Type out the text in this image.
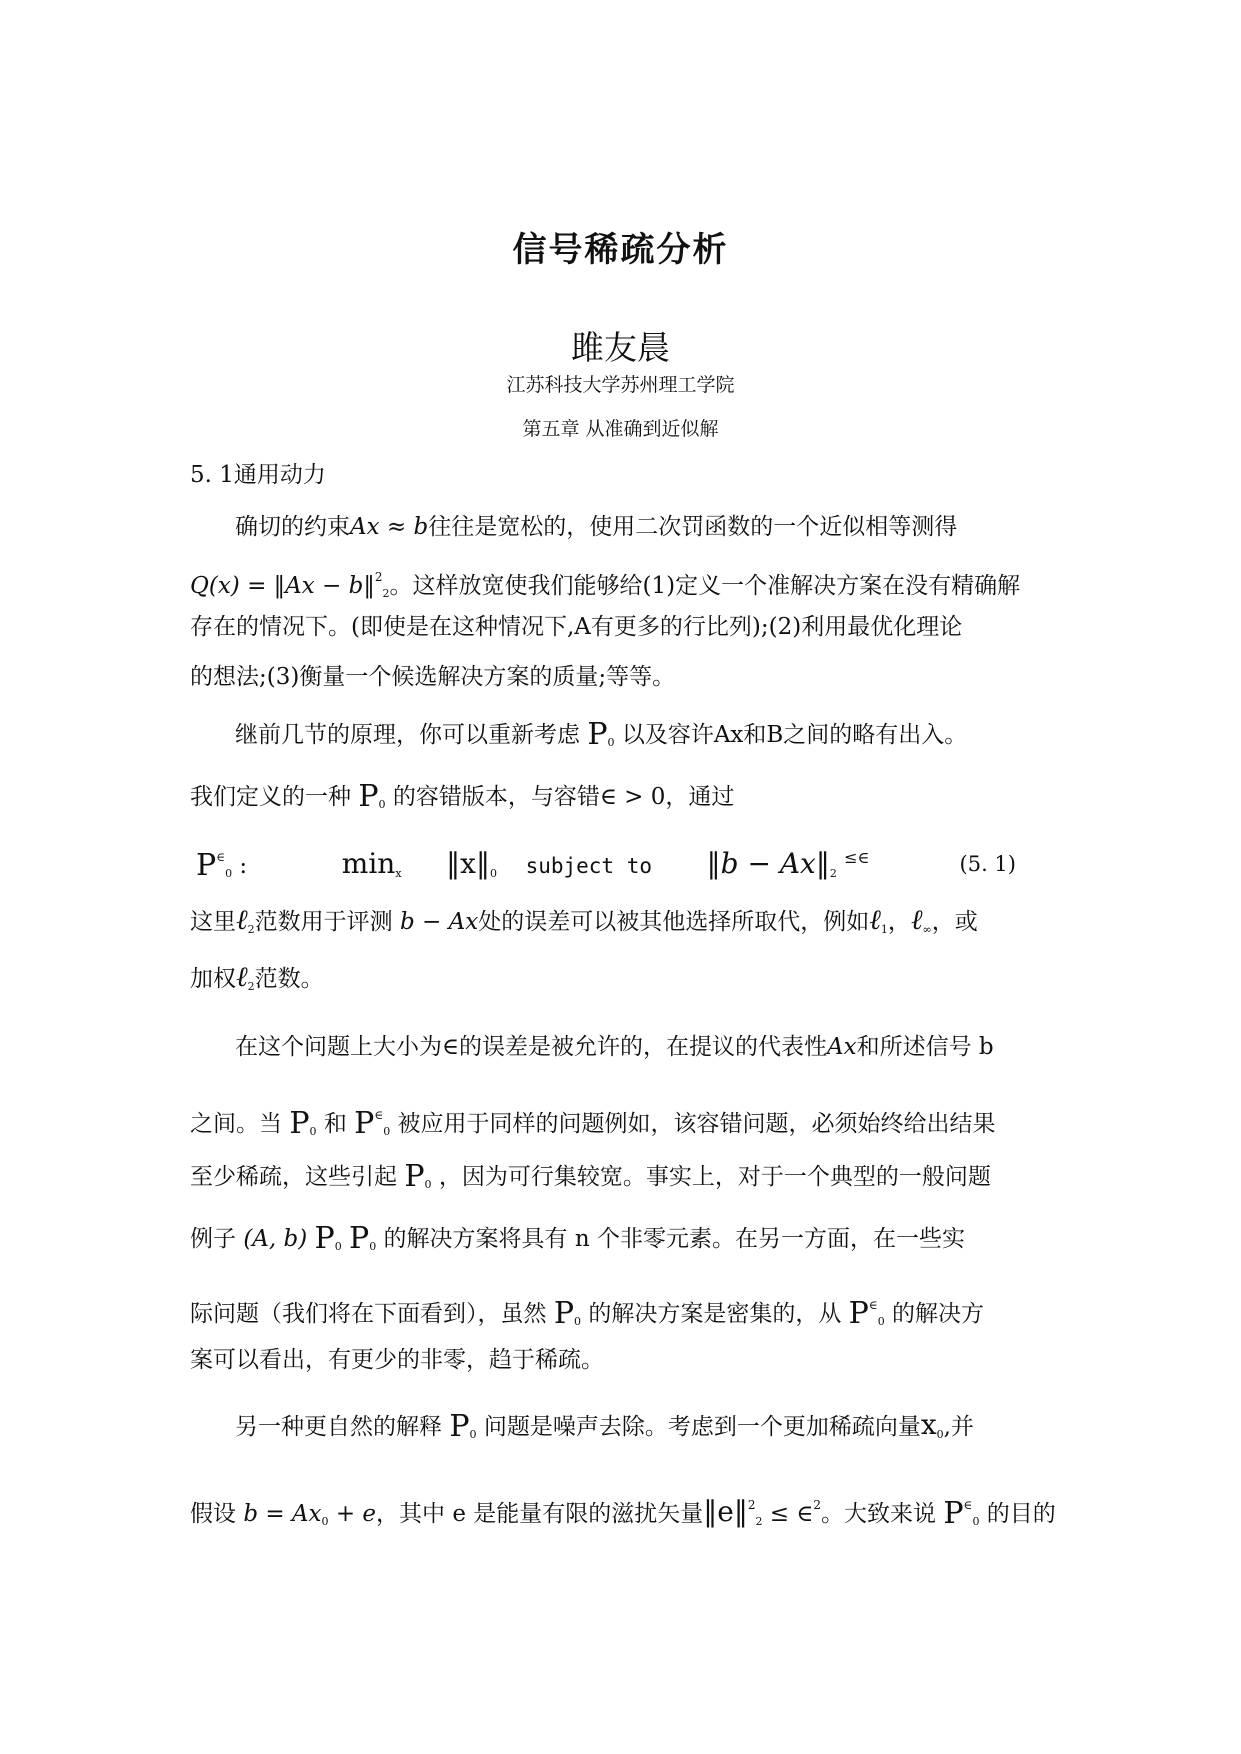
信号稀疏分析
雎友晨
江苏科技大学苏州理工学院
第五章 从准确到近似解
5. 1通用动力
确切的约束Ax ≈ b往往是宽松的，使用二次罚函数的一个近似相等测得
Q(x) = ‖Ax − b‖$^2_2$。这样放宽使我们能够给(1)定义一个准解决方案在没有精确解
存在的情况下。(即使是在这种情况下,A有更多的行比列);(2)利用最优化理论
的想法;(3)衡量一个候选解决方案的质量;等等。
继前几节的原理，你可以重新考虑 $P_0$ 以及容许Ax和B之间的略有出入。
我们定义的一种 $P_0$ 的容错版本，与容错∈ > 0，通过
$P^\in_0$ :	$\min_x$ $‖x‖_0$ subject to ‖b − $Ax‖_2$ ≤∈	(5. 1)
这里ℓ$_2$范数用于评测 b − Ax处的误差可以被其他选择所取代，例如ℓ$_1$，ℓ$_\infty$，或
加权ℓ$_2$范数。
在这个问题上大小为∈的误差是被允许的，在提议的代表性Ax和所述信号 b
之间。当 $P_0$ 和 $P^\in_0$ 被应用于同样的问题例如，该容错问题，必须始终给出结果
至少稀疏，这些引起 $P_0$ ，因为可行集较宽。事实上，对于一个典型的一般问题
例子 (A, b) $P_0$ $P_0$ 的解决方案将具有 n 个非零元素。在另一方面，在一些实
际问题（我们将在下面看到），虽然 $P_0$ 的解决方案是密集的，从 $P^\in_0$ 的解决方
案可以看出，有更少的非零，趋于稀疏。
另一种更自然的解释 $P_0$ 问题是噪声去除。考虑到一个更加稀疏向量$x_0$,并
假设 $b = Ax_0 + e$，其中 e 是能量有限的滋扰矢量‖e‖$^2_2$ ≤ ∈$^2$。大致来说 $P^\in_0$ 的目的
